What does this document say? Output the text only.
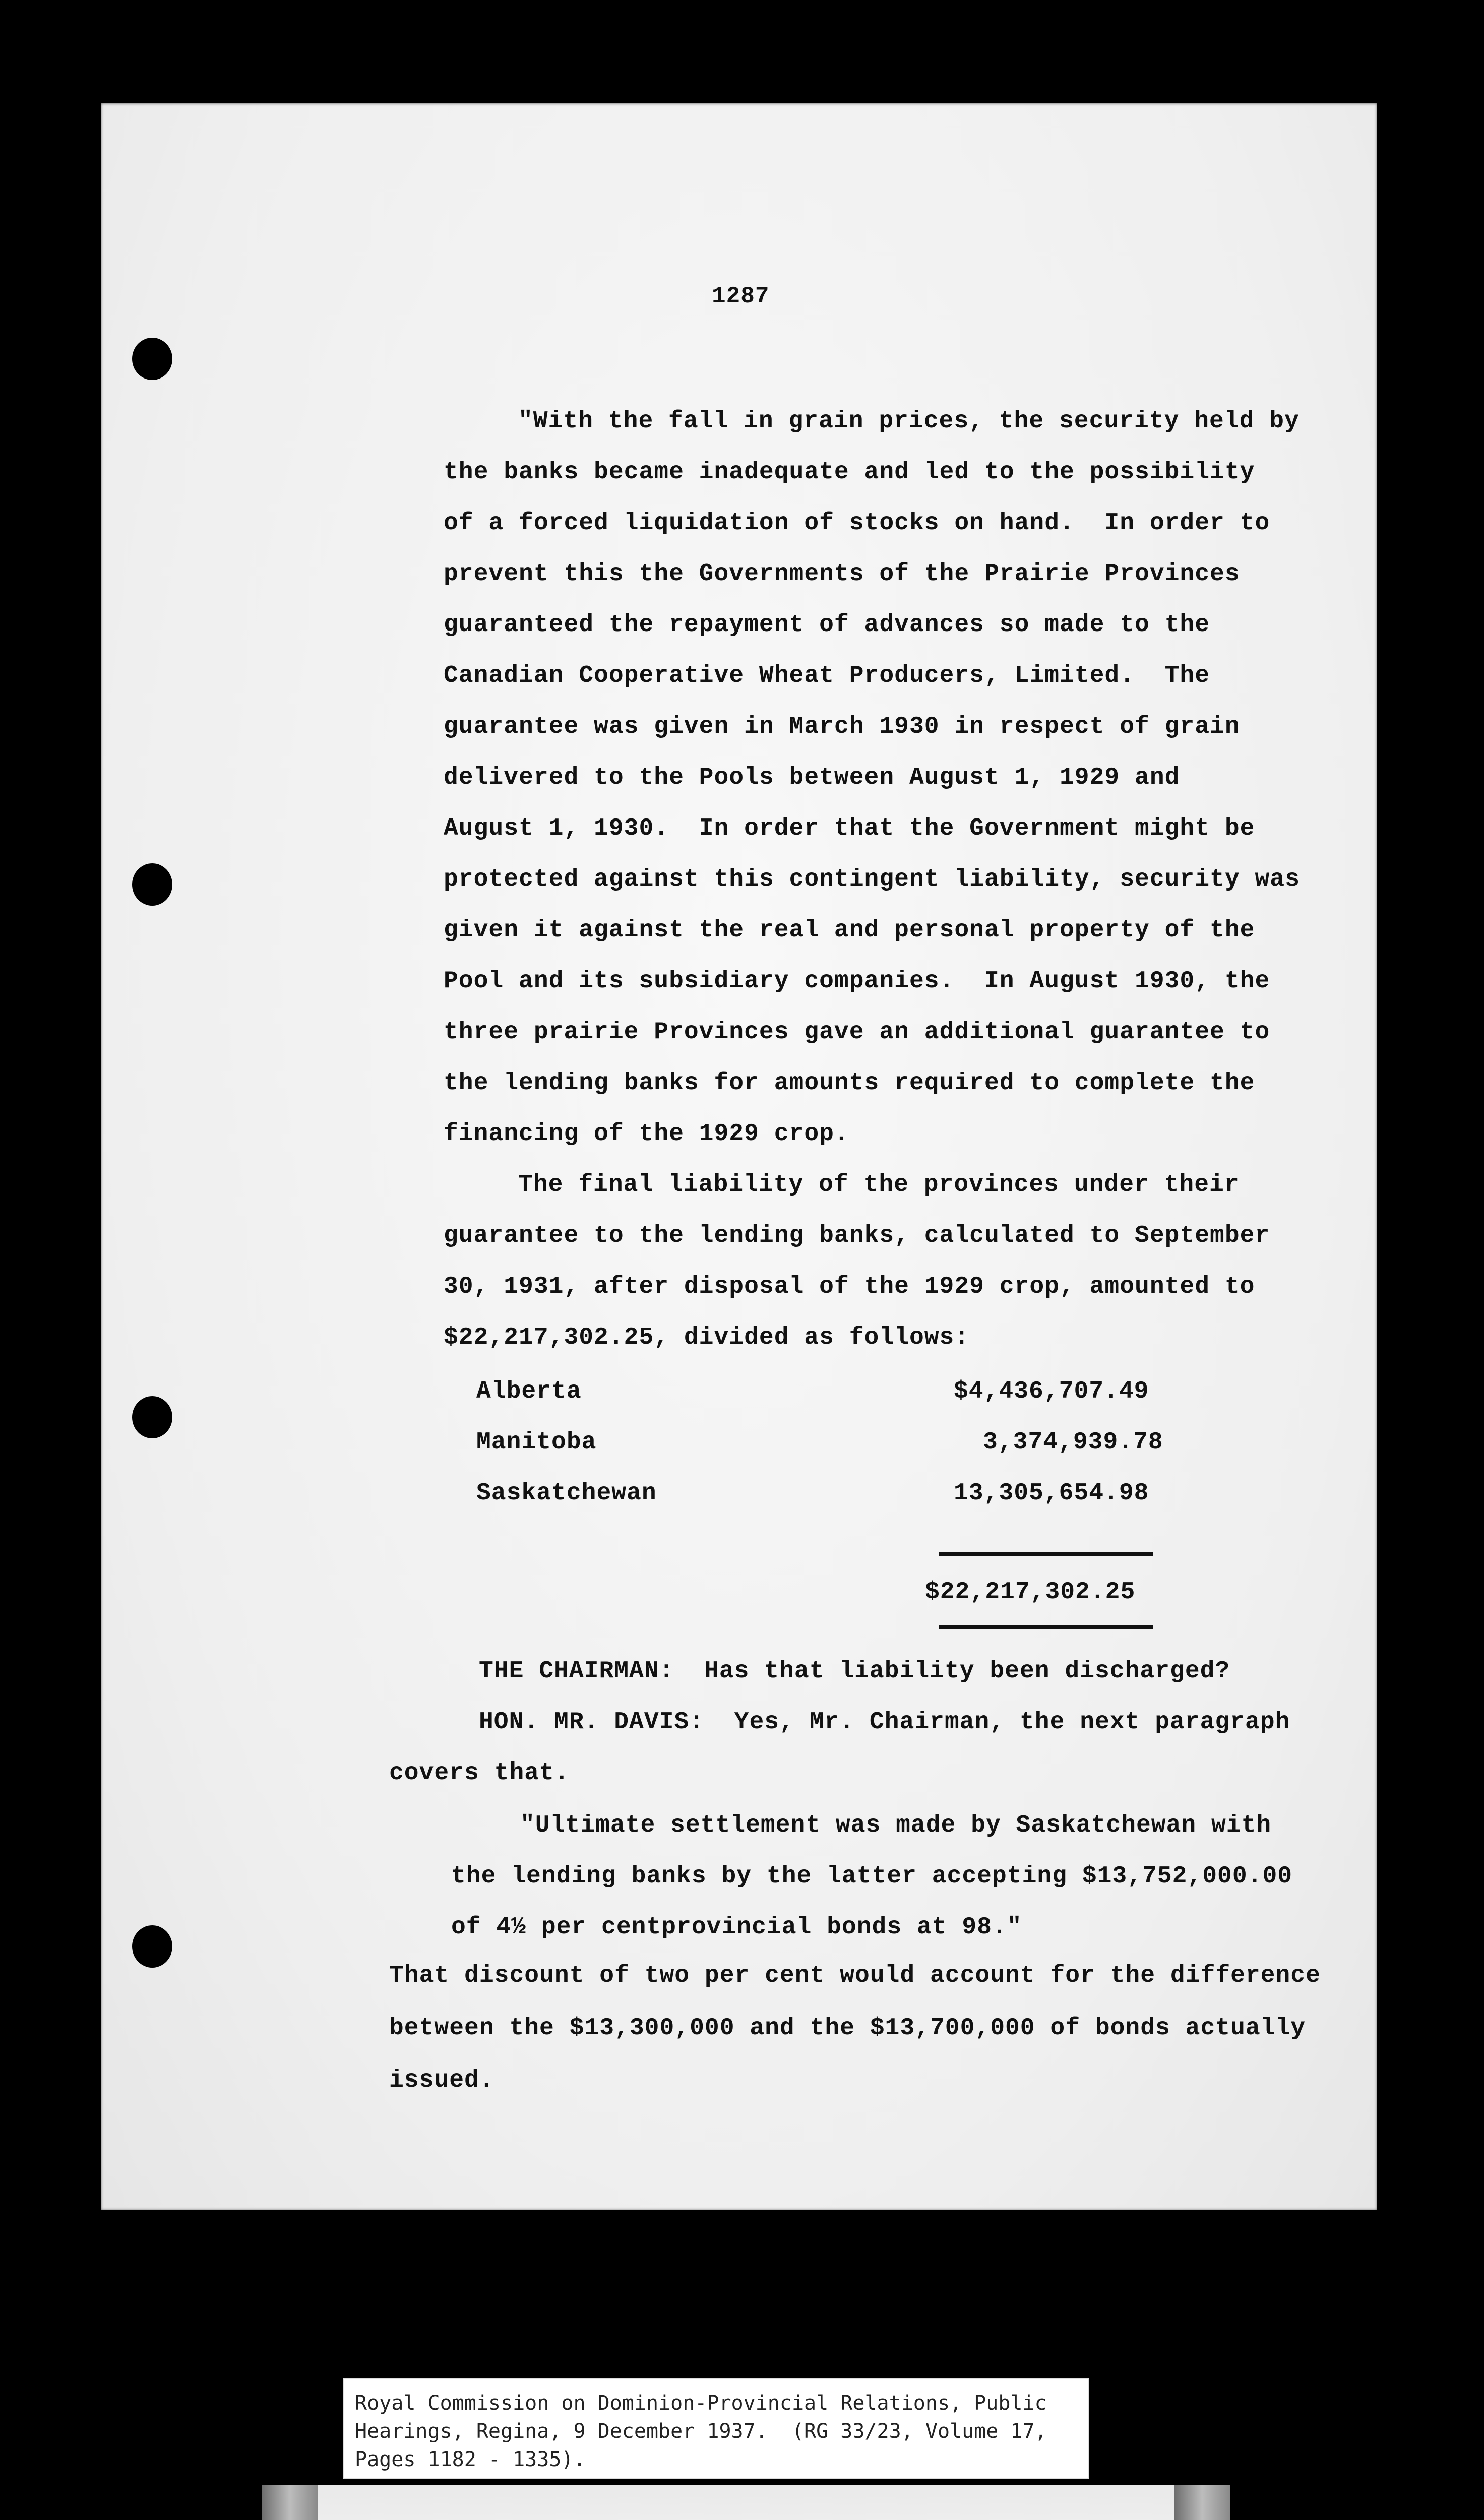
1287

"With the fall in grain prices, the security held by

the banks became inadequate and led to the possibility

of a forced liquidation of stocks on hand.  In order to

prevent this the Governments of the Prairie Provinces

guaranteed the repayment of advances so made to the

Canadian Cooperative Wheat Producers, Limited.  The

guarantee was given in March 1930 in respect of grain

delivered to the Pools between August 1, 1929 and

August 1, 1930.  In order that the Government might be

protected against this contingent liability, security was

given it against the real and personal property of the

Pool and its subsidiary companies.  In August 1930, the

three prairie Provinces gave an additional guarantee to

the lending banks for amounts required to complete the

financing of the 1929 crop.

The final liability of the provinces under their

guarantee to the lending banks, calculated to September

30, 1931, after disposal of the 1929 crop, amounted to

$22,217,302.25, divided as follows:

Alberta	$4,436,707.49

Manitoba	3,374,939.78

Saskatchewan	13,305,654.98

$22,217,302.25

THE CHAIRMAN:  Has that liability been discharged?

HON. MR. DAVIS:  Yes, Mr. Chairman, the next paragraph

covers that.

"Ultimate settlement was made by Saskatchewan with

the lending banks by the latter accepting $13,752,000.00

of 4½ per centprovincial bonds at 98."

That discount of two per cent would account for the difference

between the $13,300,000 and the $13,700,000 of bonds actually

issued.

Royal Commission on Dominion-Provincial Relations, Public

Hearings, Regina, 9 December 1937.  (RG 33/23, Volume 17,

Pages 1182 - 1335).
